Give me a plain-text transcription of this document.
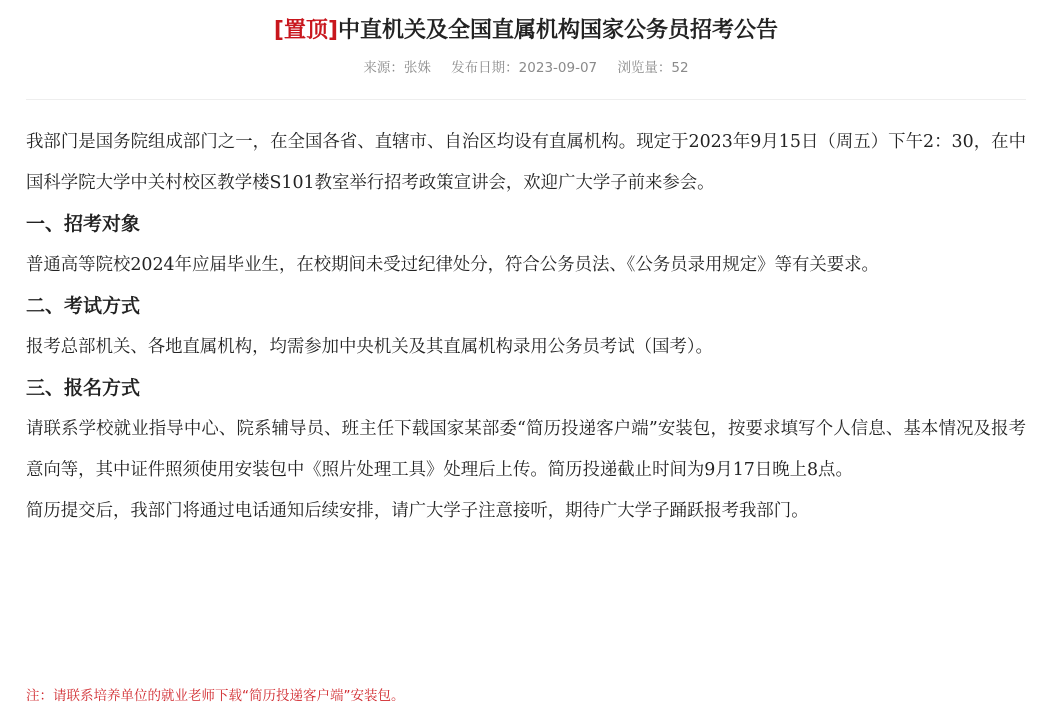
[置顶]中直机关及全国直属机构国家公务员招考公告
来源：张姝 发布日期：2023-09-07 浏览量：52

我部门是国务院组成部门之一，在全国各省、直辖市、自治区均设有直属机构。现定于2023年9月15日（周五）下午2：30，在中国科学院大学中关村校区教学楼S101教室举行招考政策宣讲会，欢迎广大学子前来参会。

一、招考对象

普通高等院校2024年应届毕业生，在校期间未受过纪律处分，符合公务员法、《公务员录用规定》等有关要求。

二、考试方式

报考总部机关、各地直属机构，均需参加中央机关及其直属机构录用公务员考试（国考）。

三、报名方式

请联系学校就业指导中心、院系辅导员、班主任下载国家某部委“简历投递客户端”安装包，按要求填写个人信息、基本情况及报考意向等，其中证件照须使用安装包中《照片处理工具》处理后上传。简历投递截止时间为9月17日晚上8点。

简历提交后，我部门将通过电话通知后续安排，请广大学子注意接听，期待广大学子踊跃报考我部门。

注：请联系培养单位的就业老师下载“简历投递客户端”安装包。
